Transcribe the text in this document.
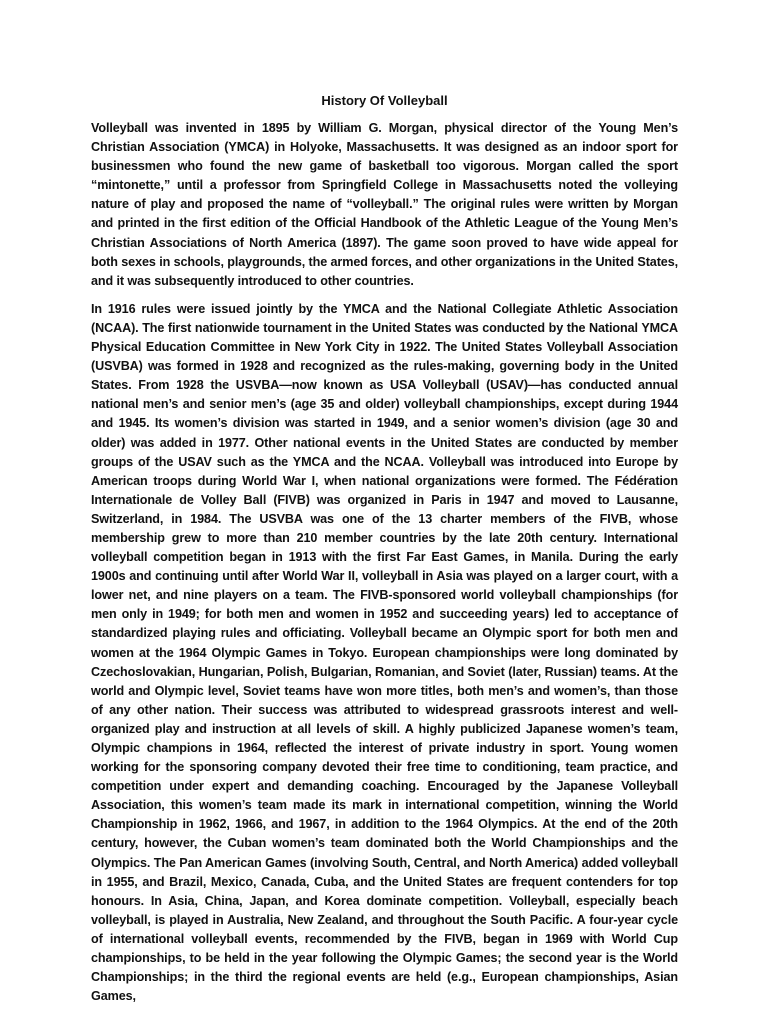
History Of Volleyball

Volleyball was invented in 1895 by William G. Morgan, physical director of the Young Men’s Christian Association (YMCA) in Holyoke, Massachusetts. It was designed as an indoor sport for businessmen who found the new game of basketball too vigorous. Morgan called the sport “mintonette,” until a professor from Springfield College in Massachusetts noted the volleying nature of play and proposed the name of “volleyball.” The original rules were written by Morgan and printed in the first edition of the Official Handbook of the Athletic League of the Young Men’s Christian Associations of North America (1897). The game soon proved to have wide appeal for both sexes in schools, playgrounds, the armed forces, and other organizations in the United States, and it was subsequently introduced to other countries.

In 1916 rules were issued jointly by the YMCA and the National Collegiate Athletic Association (NCAA). The first nationwide tournament in the United States was conducted by the National YMCA Physical Education Committee in New York City in 1922. The United States Volleyball Association (USVBA) was formed in 1928 and recognized as the rules-making, governing body in the United States. From 1928 the USVBA—now known as USA Volleyball (USAV)—has conducted annual national men’s and senior men’s (age 35 and older) volleyball championships, except during 1944 and 1945. Its women’s division was started in 1949, and a senior women’s division (age 30 and older) was added in 1977. Other national events in the United States are conducted by member groups of the USAV such as the YMCA and the NCAA. Volleyball was introduced into Europe by American troops during World War I, when national organizations were formed. The Fédération Internationale de Volley Ball (FIVB) was organized in Paris in 1947 and moved to Lausanne, Switzerland, in 1984. The USVBA was one of the 13 charter members of the FIVB, whose membership grew to more than 210 member countries by the late 20th century. International volleyball competition began in 1913 with the first Far East Games, in Manila. During the early 1900s and continuing until after World War II, volleyball in Asia was played on a larger court, with a lower net, and nine players on a team. The FIVB-sponsored world volleyball championships (for men only in 1949; for both men and women in 1952 and succeeding years) led to acceptance of standardized playing rules and officiating. Volleyball became an Olympic sport for both men and women at the 1964 Olympic Games in Tokyo. European championships were long dominated by Czechoslovakian, Hungarian, Polish, Bulgarian, Romanian, and Soviet (later, Russian) teams. At the world and Olympic level, Soviet teams have won more titles, both men’s and women’s, than those of any other nation. Their success was attributed to widespread grassroots interest and well-organized play and instruction at all levels of skill. A highly publicized Japanese women’s team, Olympic champions in 1964, reflected the interest of private industry in sport. Young women working for the sponsoring company devoted their free time to conditioning, team practice, and competition under expert and demanding coaching. Encouraged by the Japanese Volleyball Association, this women’s team made its mark in international competition, winning the World Championship in 1962, 1966, and 1967, in addition to the 1964 Olympics. At the end of the 20th century, however, the Cuban women’s team dominated both the World Championships and the Olympics. The Pan American Games (involving South, Central, and North America) added volleyball in 1955, and Brazil, Mexico, Canada, Cuba, and the United States are frequent contenders for top honours. In Asia, China, Japan, and Korea dominate competition. Volleyball, especially beach volleyball, is played in Australia, New Zealand, and throughout the South Pacific. A four-year cycle of international volleyball events, recommended by the FIVB, began in 1969 with World Cup championships, to be held in the year following the Olympic Games; the second year is the World Championships; in the third the regional events are held (e.g., European championships, Asian Games,
